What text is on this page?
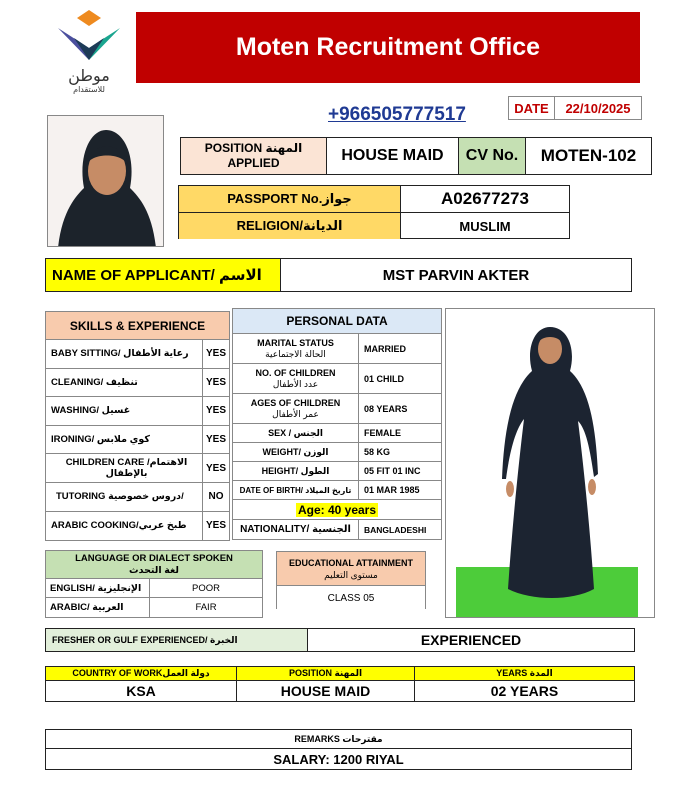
موطن
للاستقدام
Moten Recruitment Office
+966505777517	DATE	22/10/2025
POSITION المهنة
APPLIED	HOUSE MAID	CV No.	MOTEN-102
PASSPORT No.جواز	A02677273
RELIGION/الديانة	MUSLIM
NAME OF APPLICANT/ الاسم	MST PARVIN AKTER
SKILLS & EXPERIENCE
BABY SITTING/ رعاية الأطفال	YES
CLEANING/ تنظيف	YES
WASHING/ غسيل	YES
IRONING/ كوي ملابس	YES
CHILDREN CARE /الاهتمام بالإطفال	YES
TUTORING دروس خصوصية/	NO
ARABIC COOKING/طبخ عربي	YES
PERSONAL DATA
MARITAL STATUS
الحالة الاجتماعية	MARRIED
NO. OF CHILDREN
عدد الأطفال	01 CHILD
AGES OF CHILDREN
عمر الأطفال	08 YEARS
SEX / الجنس	FEMALE
WEIGHT/ الوزن	58 KG
HEIGHT/ الطول	05 FIT 01 INC
DATE OF BIRTH/ تاريخ الميلاد	01 MAR 1985
Age: 40 years
NATIONALITY/ الجنسية	BANGLADESHI
LANGUAGE OR DIALECT SPOKEN
لغة التحدث
ENGLISH/ الإنجليزية	POOR
ARABIC/ العربية	FAIR
EDUCATIONAL ATTAINMENT
مستوى التعليم
CLASS 05
FRESHER OR GULF EXPERIENCED/ الخبرة	EXPERIENCED
COUNTRY OF WORKدولة العمل	POSITION المهنة	YEARS المدة
KSA	HOUSE MAID	02 YEARS
REMARKS مقترحات
SALARY: 1200 RIYAL
